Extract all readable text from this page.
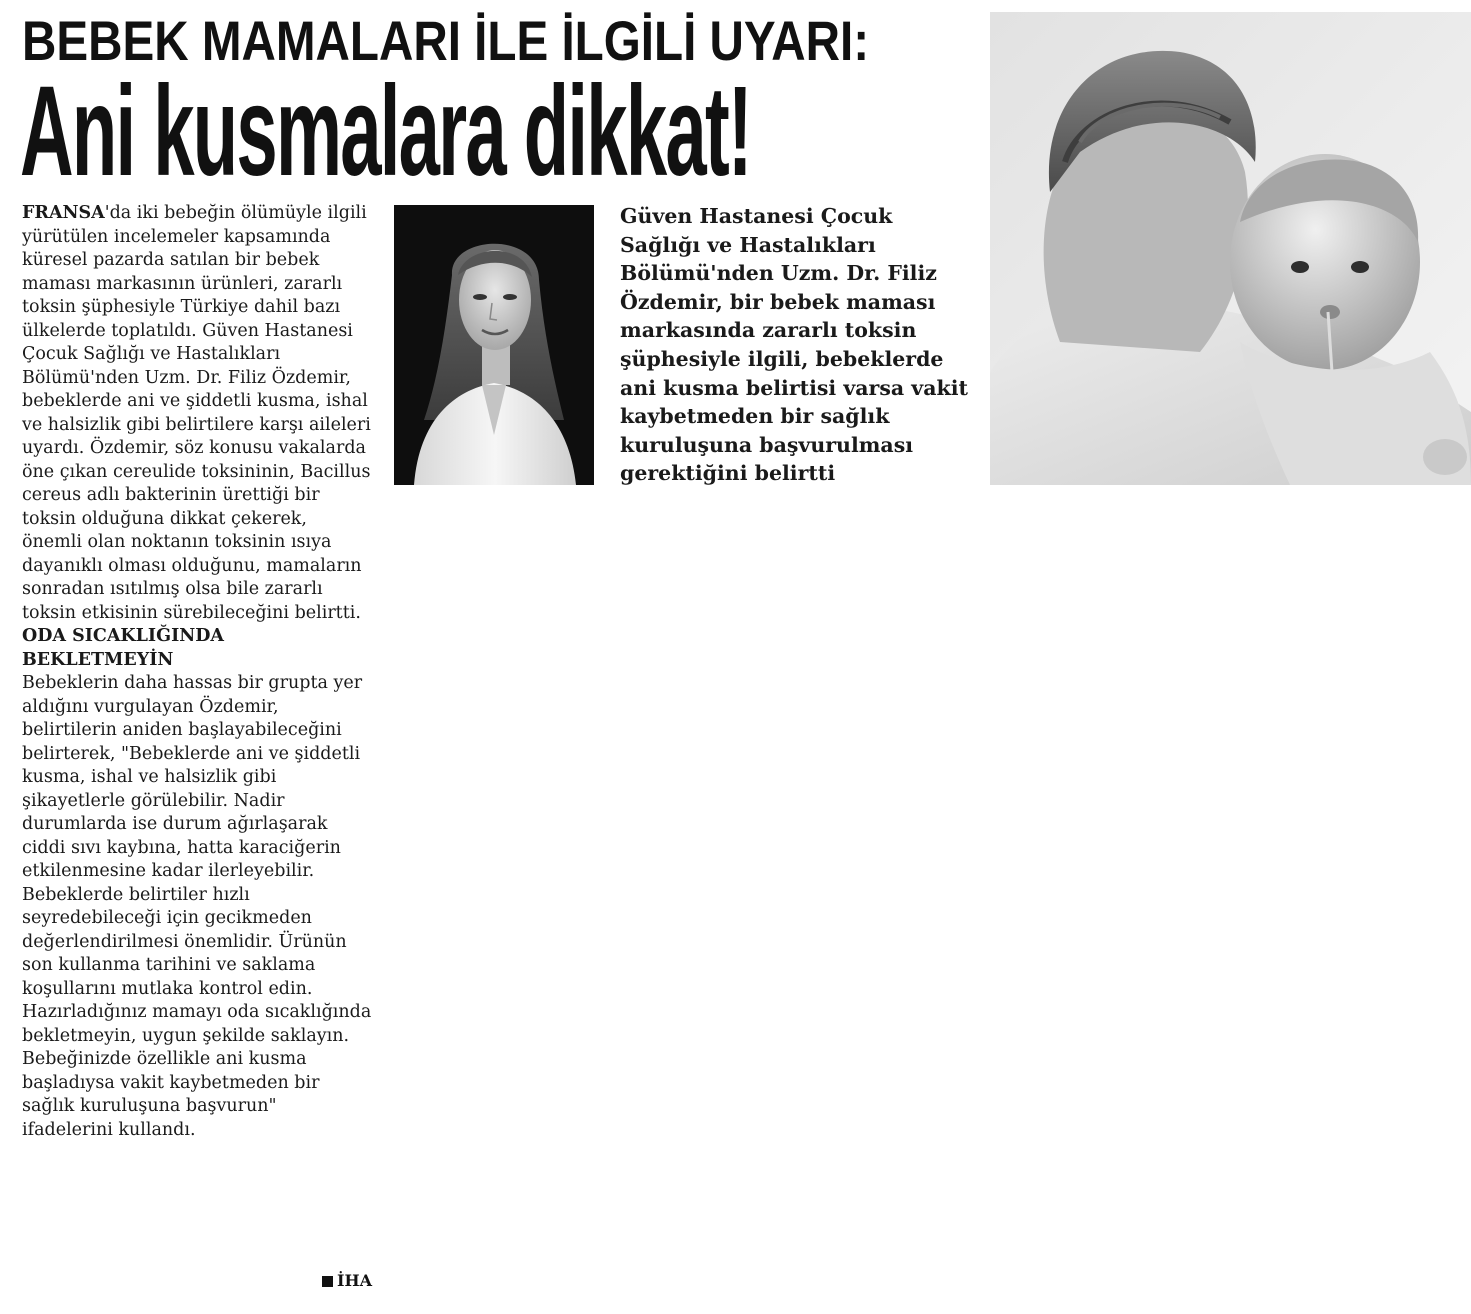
BEBEK MAMALARI İLE İLGİLİ UYARI:
Ani kusmalara dikkat!

FRANSA'da iki bebeğin ölümüyle ilgili yürütülen incelemeler kapsamında küresel pazarda satılan bir bebek maması markasının ürünleri, zararlı toksin şüphesiyle Türkiye dahil bazı ülkelerde toplatıldı. Güven Hastanesi Çocuk Sağlığı ve Hastalıkları Bölümü'nden Uzm. Dr. Filiz Özdemir, bebeklerde ani ve şiddetli kusma, ishal ve halsizlik gibi belirtilere karşı aileleri uyardı. Özdemir, söz konusu vakalarda öne çıkan cereulide toksininin, Bacillus cereus adlı bakterinin ürettiği bir toksin olduğuna dikkat çekerek, önemli olan noktanın toksinin ısıya dayanıklı olması olduğunu, mamaların sonradan ısıtılmış olsa bile zararlı toksin etkisinin sürebileceğini belirtti.

ODA SICAKLIĞINDA BEKLETMEYİN

Bebeklerin daha hassas bir grupta yer aldığını vurgulayan Özdemir, belirtilerin aniden başlayabileceğini belirterek, "Bebeklerde ani ve şiddetli kusma, ishal ve halsizlik gibi şikayetlerle görülebilir. Nadir durumlarda ise durum ağırlaşarak ciddi sıvı kaybına, hatta karaciğerin etkilenmesine kadar ilerleyebilir. Bebeklerde belirtiler hızlı seyredebileceği için gecikmeden değerlendirilmesi önemlidir. Ürünün son kullanma tarihini ve saklama koşullarını mutlaka kontrol edin. Hazırladığınız mamayı oda sıcaklığında bekletmeyin, uygun şekilde saklayın. Bebeğinizde özellikle ani kusma başladıysa vakit kaybetmeden bir sağlık kuruluşuna başvurun" ifadelerini kullandı.

İHA
Güven Hastanesi Çocuk Sağlığı ve Hastalıkları Bölümü'nden Uzm. Dr. Filiz Özdemir, bir bebek maması markasında zararlı toksin şüphesiyle ilgili, bebeklerde ani kusma belirtisi varsa vakit kaybetmeden bir sağlık kuruluşuna başvurulması gerektiğini belirtti
